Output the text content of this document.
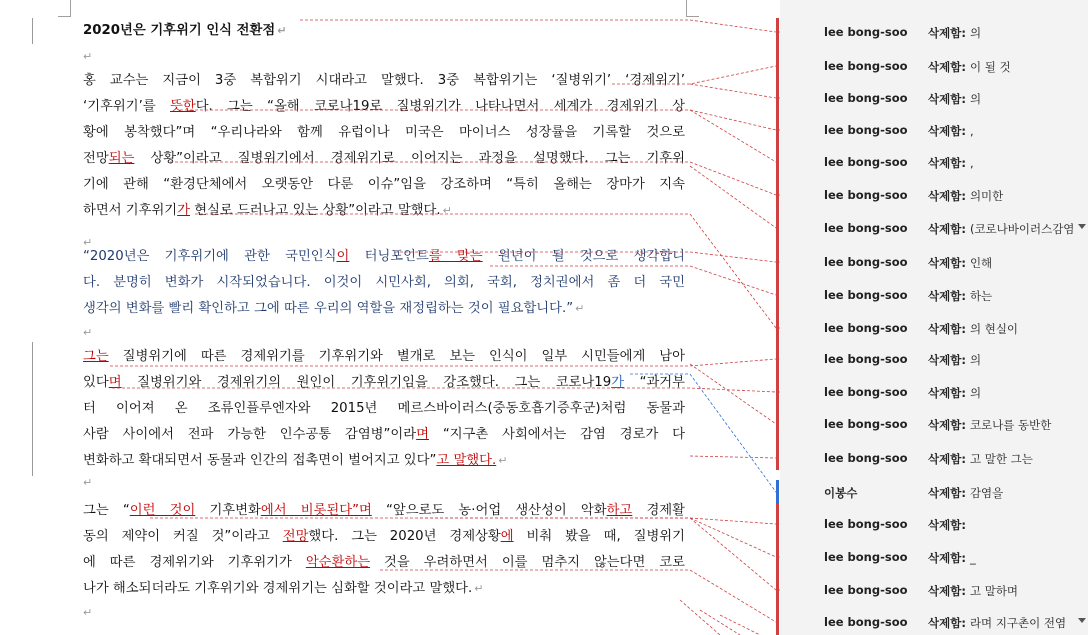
2020년은 기후위기 인식 전환점 ↵
↵
홍 교수는 지금이 3중 복합위기 시대라고 말했다. 3중 복합위기는 ‘질병위기’ ‘경제위기’
‘기후위기’를 뜻한다. 그는 “올해 코로나19로 질병위기가 나타나면서 세계가 경제위기 상
황에 봉착했다”며 “우리나라와 함께 유럽이나 미국은 마이너스 성장률을 기록할 것으로
전망되는 상황”이라고 질병위기에서 경제위기로 이어지는 과정을 설명했다. 그는 기후위
기에 관해 “환경단체에서 오랫동안 다룬 이슈”임을 강조하며 “특히 올해는 장마가 지속
하면서 기후위기가 현실로 드러나고 있는 상황”이라고 말했다. ↵
↵
“2020년은 기후위기에 관한 국민인식이 터닝포인트를 맞는 원년이 될 것으로 생각합니
다. 분명히 변화가 시작되었습니다. 이것이 시민사회, 의회, 국회, 정치권에서 좀 더 국민
생각의 변화를 빨리 확인하고 그에 따른 우리의 역할을 재정립하는 것이 필요합니다.” ↵
↵
그는 질병위기에 따른 경제위기를 기후위기와 별개로 보는 인식이 일부 시민들에게 남아
있다며 질병위기와 경제위기의 원인이 기후위기임을 강조했다. 그는 코로나19가 “과거부
터 이어져 온 조류인플루엔자와 2015년 메르스바이러스(중동호흡기증후군)처럼 동물과
사람 사이에서 전파 가능한 인수공통 감염병”이라며 “지구촌 사회에서는 감염 경로가 다
변화하고 확대되면서 동물과 인간의 접촉면이 벌어지고 있다”고 말했다. ↵
↵
그는 “이런 것이 기후변화에서 비롯된다”며 “앞으로도 농·어업 생산성이 악화하고 경제활
동의 제약이 커질 것”이라고 전망했다. 그는 2020년 경제상황에 비춰 봤을 때, 질병위기
에 따른 경제위기와 기후위기가 악순환하는 것을 우려하면서 이를 멈추지 않는다면 코로
나가 해소되더라도 기후위기와 경제위기는 심화할 것이라고 말했다. ↵
↵
lee bong-soo 삭제함: 의
lee bong-soo 삭제함: 이 될 것
lee bong-soo 삭제함: 의
lee bong-soo 삭제함: ,
lee bong-soo 삭제함: ,
lee bong-soo 삭제함: 의미한
lee bong-soo 삭제함: (코로나바이러스감염
lee bong-soo 삭제함: 인해
lee bong-soo 삭제함: 하는
lee bong-soo 삭제함: 의 현실이
lee bong-soo 삭제함: 의
lee bong-soo 삭제함: 의
lee bong-soo 삭제함: 코로나를 동반한
lee bong-soo 삭제함: 고 말한 그는
이봉수	삭제함: 감염을
lee bong-soo 삭제함:
lee bong-soo 삭제함: _
lee bong-soo 삭제함: 고 말하며
lee bong-soo 삭제함: 라며 지구촌이 전염
